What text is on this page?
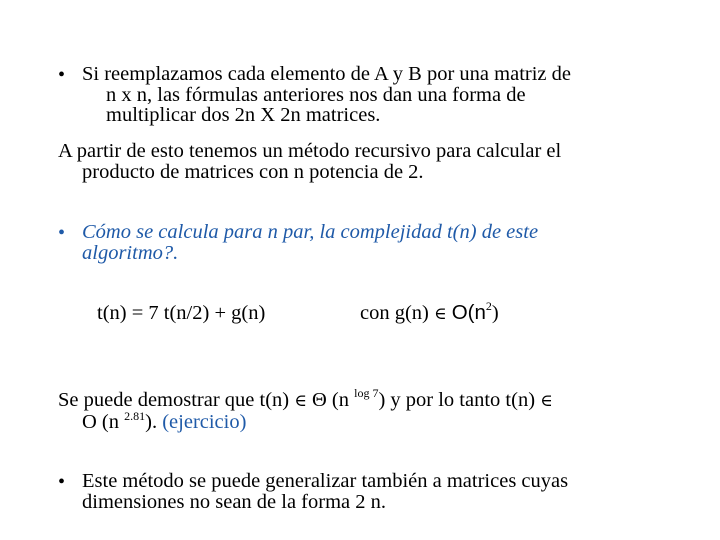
• Si reemplazamos cada elemento de A y B por una matriz de
n x n, las fórmulas anteriores nos dan una forma de
multiplicar dos 2n X 2n matrices.
A partir de esto tenemos un método recursivo para calcular el
producto de matrices con n potencia de 2.
• Cómo se calcula para n par, la complejidad t(n) de este
algoritmo?.
t(n) = 7 t(n/2) + g(n)	con g(n) ∈ $O(n^2)$
Se puede demostrar que t(n) ∈ Θ (n $^{log 7}$) y por lo tanto t(n) ∈
O (n $^{2.81}$). (ejercicio)
• Este método se puede generalizar también a matrices cuyas
dimensiones no sean de la forma 2 n.
